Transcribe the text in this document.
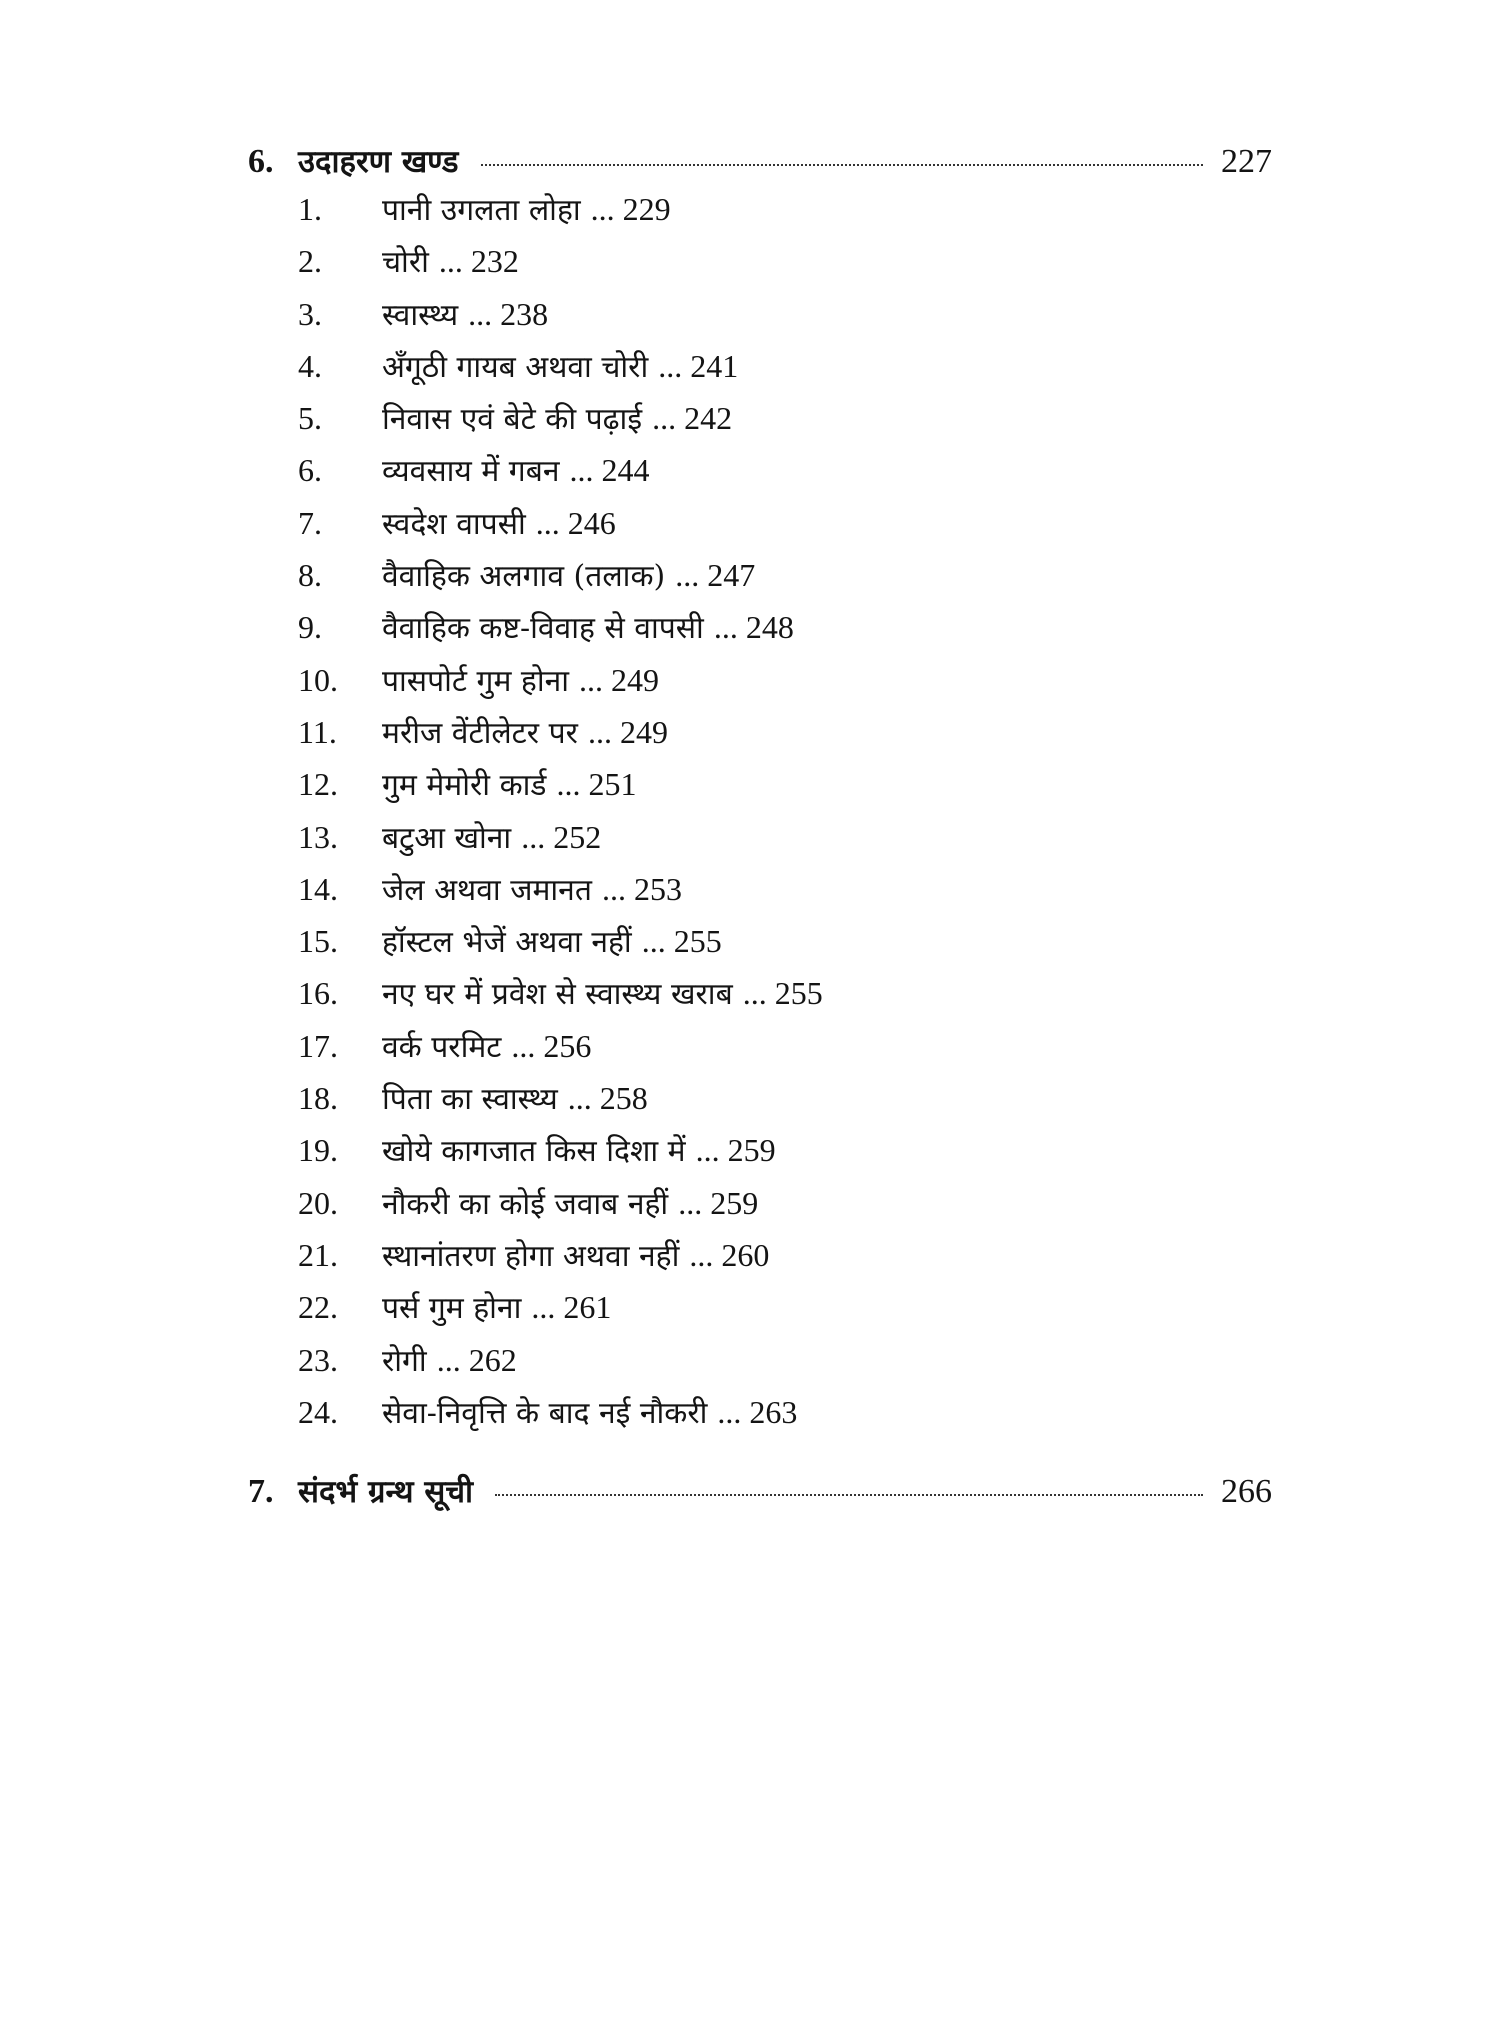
6. उदाहरण खण्ड	227
1.	पानी उगलता लोहा ... 229
2.	चोरी ... 232
3.	स्वास्थ्य ... 238
4.	अँगूठी गायब अथवा चोरी ... 241
5.	निवास एवं बेटे की पढ़ाई ... 242
6.	व्यवसाय में गबन ... 244
7.	स्वदेश वापसी ... 246
8.	वैवाहिक अलगाव (तलाक) ... 247
9.	वैवाहिक कष्ट-विवाह से वापसी ... 248
10.	पासपोर्ट गुम होना ... 249
11.	मरीज वेंटीलेटर पर ... 249
12.	गुम मेमोरी कार्ड ... 251
13.	बटुआ खोना ... 252
14.	जेल अथवा जमानत ... 253
15.	हॉस्टल भेजें अथवा नहीं ... 255
16.	नए घर में प्रवेश से स्वास्थ्य खराब ... 255
17.	वर्क परमिट ... 256
18.	पिता का स्वास्थ्य ... 258
19.	खोये कागजात किस दिशा में ... 259
20.	नौकरी का कोई जवाब नहीं ... 259
21.	स्थानांतरण होगा अथवा नहीं ... 260
22.	पर्स गुम होना ... 261
23.	रोगी ... 262
24.	सेवा-निवृत्ति के बाद नई नौकरी ... 263
7. संदर्भ ग्रन्थ सूची	266
